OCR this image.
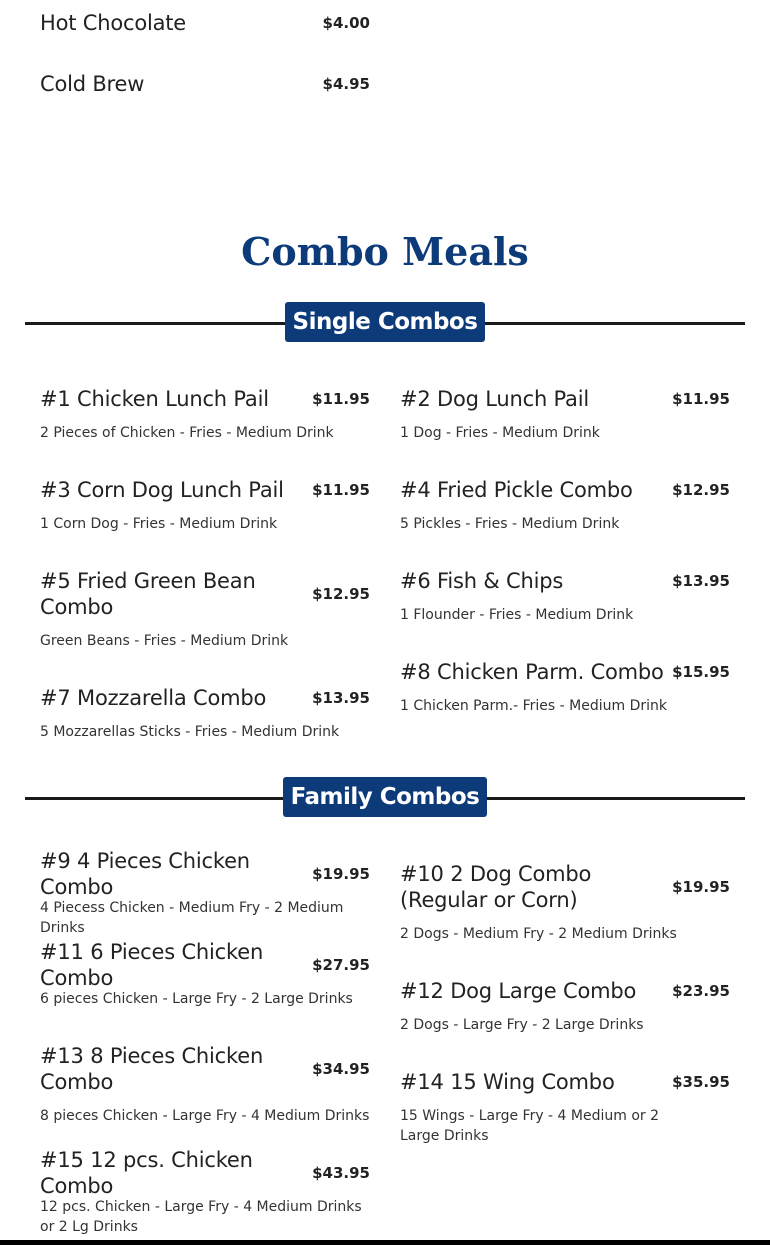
Hot Chocolate	$4.00
Cold Brew	$4.95
Combo Meals
Single Combos
#1 Chicken Lunch Pail	$11.95
2 Pieces of Chicken - Fries - Medium Drink
#3 Corn Dog Lunch Pail $11.95
1 Corn Dog - Fries - Medium Drink
#5 Fried Green Bean Combo
$12.95
Green Beans - Fries - Medium Drink
#7 Mozzarella Combo	$13.95
5 Mozzarellas Sticks - Fries - Medium Drink
#2 Dog Lunch Pail	$11.95
1 Dog - Fries - Medium Drink
#4 Fried Pickle Combo	$12.95
5 Pickles - Fries - Medium Drink
#6 Fish & Chips	$13.95
1 Flounder - Fries - Medium Drink
#8 Chicken Parm. Combo $15.95
1 Chicken Parm.- Fries - Medium Drink
Family Combos
#9 4 Pieces Chicken Combo
$19.95
4 Piecess Chicken - Medium Fry - 2 Medium Drinks
#11 6 Pieces Chicken Combo
$27.95
6 pieces Chicken - Large Fry - 2 Large Drinks
#13 8 Pieces Chicken Combo
$34.95
8 pieces Chicken - Large Fry - 4 Medium Drinks
#15 12 pcs. Chicken Combo
$43.95
12 pcs. Chicken - Large Fry - 4 Medium Drinks or 2 Lg Drinks
#10 2 Dog Combo (Regular or Corn)
$19.95
2 Dogs - Medium Fry - 2 Medium Drinks
#12 Dog Large Combo $23.95
2 Dogs - Large Fry - 2 Large Drinks
#14 15 Wing Combo	$35.95
15 Wings - Large Fry - 4 Medium or 2 Large Drinks
